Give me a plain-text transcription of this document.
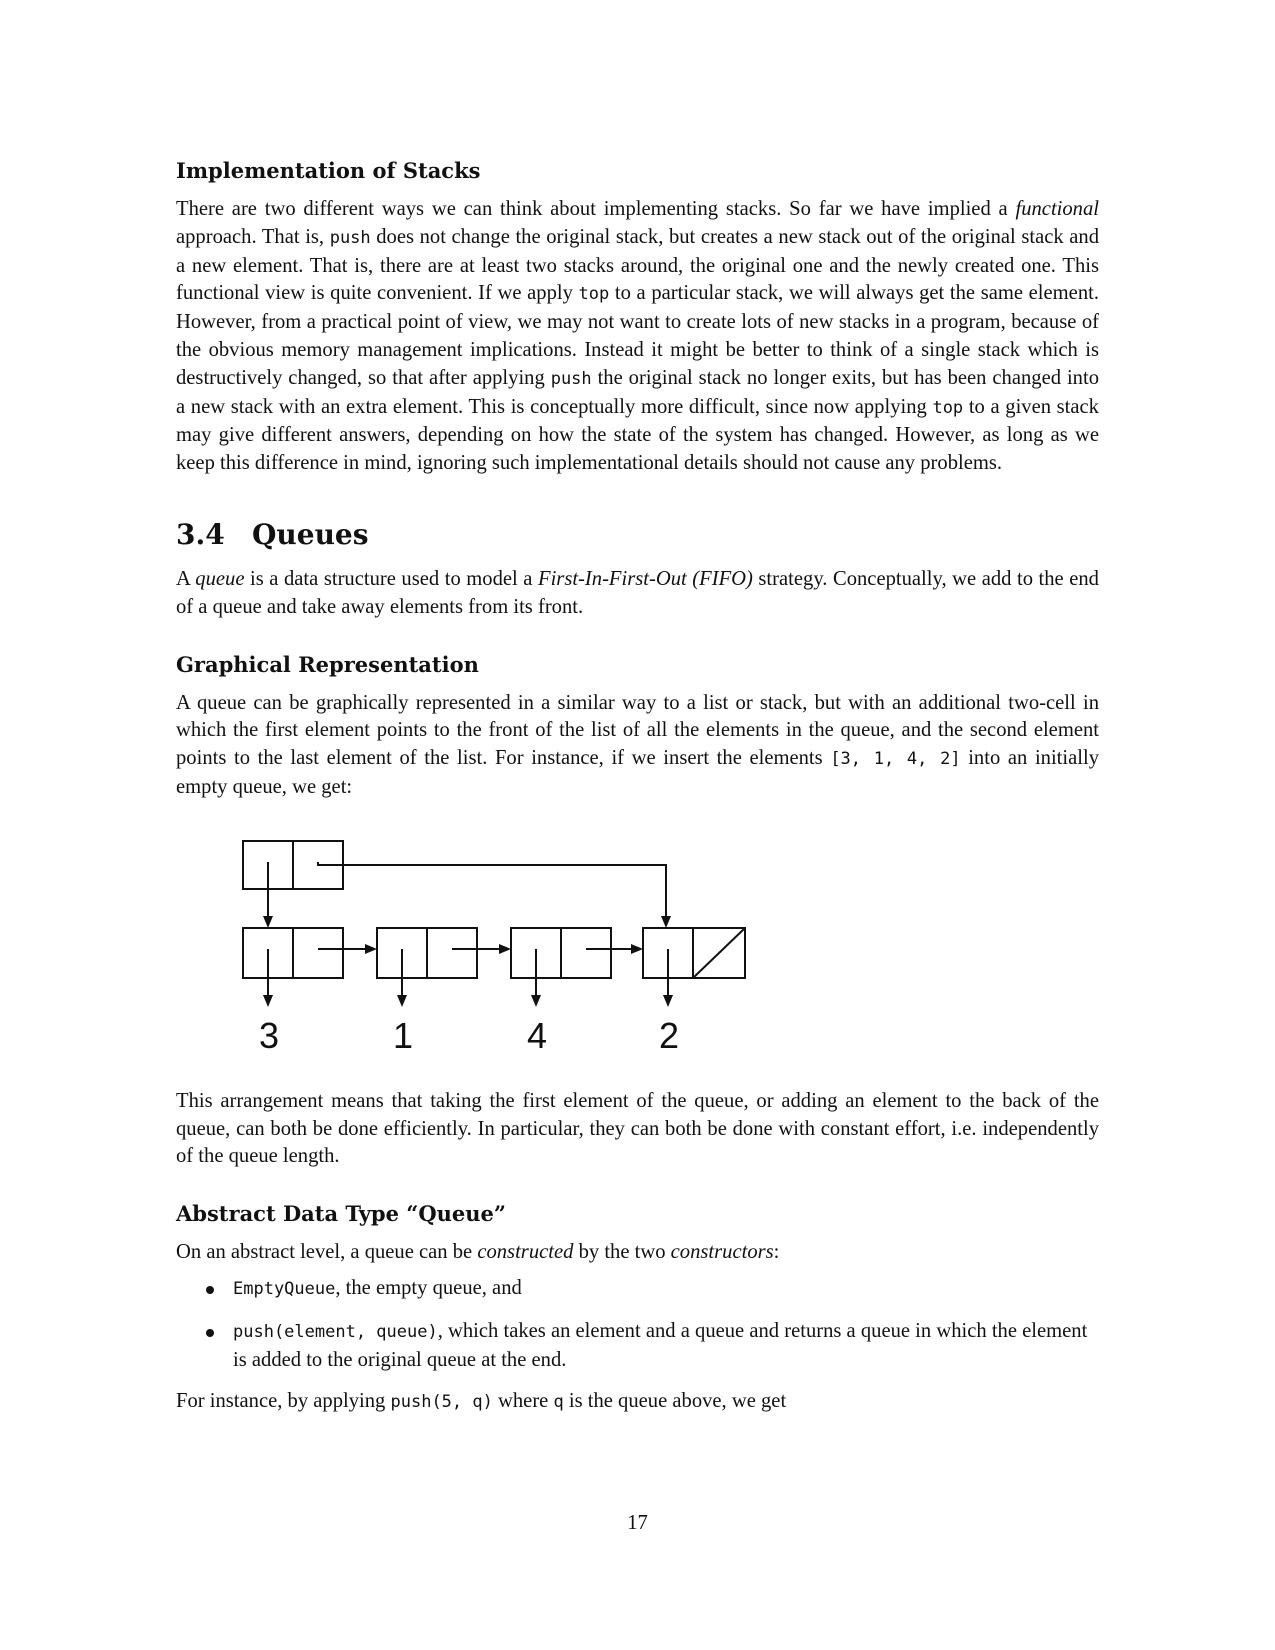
Implementation of Stacks

There are two different ways we can think about implementing stacks. So far we have implied a functional approach. That is, push does not change the original stack, but creates a new stack out of the original stack and a new element. That is, there are at least two stacks around, the original one and the newly created one. This functional view is quite convenient. If we apply top to a particular stack, we will always get the same element. However, from a practical point of view, we may not want to create lots of new stacks in a program, because of the obvious memory management implications. Instead it might be better to think of a single stack which is destructively changed, so that after applying push the original stack no longer exits, but has been changed into a new stack with an extra element. This is conceptually more difficult, since now applying top to a given stack may give different answers, depending on how the state of the system has changed. However, as long as we keep this difference in mind, ignoring such implementational details should not cause any problems.

3.4 Queues

A queue is a data structure used to model a First-In-First-Out (FIFO) strategy. Conceptually, we add to the end of a queue and take away elements from its front.

Graphical Representation

A queue can be graphically represented in a similar way to a list or stack, but with an additional two-cell in which the first element points to the front of the list of all the elements in the queue, and the second element points to the last element of the list. For instance, if we insert the elements [3, 1, 4, 2] into an initially empty queue, we get:

3	1	4	2

This arrangement means that taking the first element of the queue, or adding an element to the back of the queue, can both be done efficiently. In particular, they can both be done with constant effort, i.e. independently of the queue length.

Abstract Data Type “Queue”

On an abstract level, a queue can be constructed by the two constructors:

EmptyQueue, the empty queue, and
push(element, queue), which takes an element and a queue and returns a queue in which the element is added to the original queue at the end.

For instance, by applying push(5, q) where q is the queue above, we get

17
